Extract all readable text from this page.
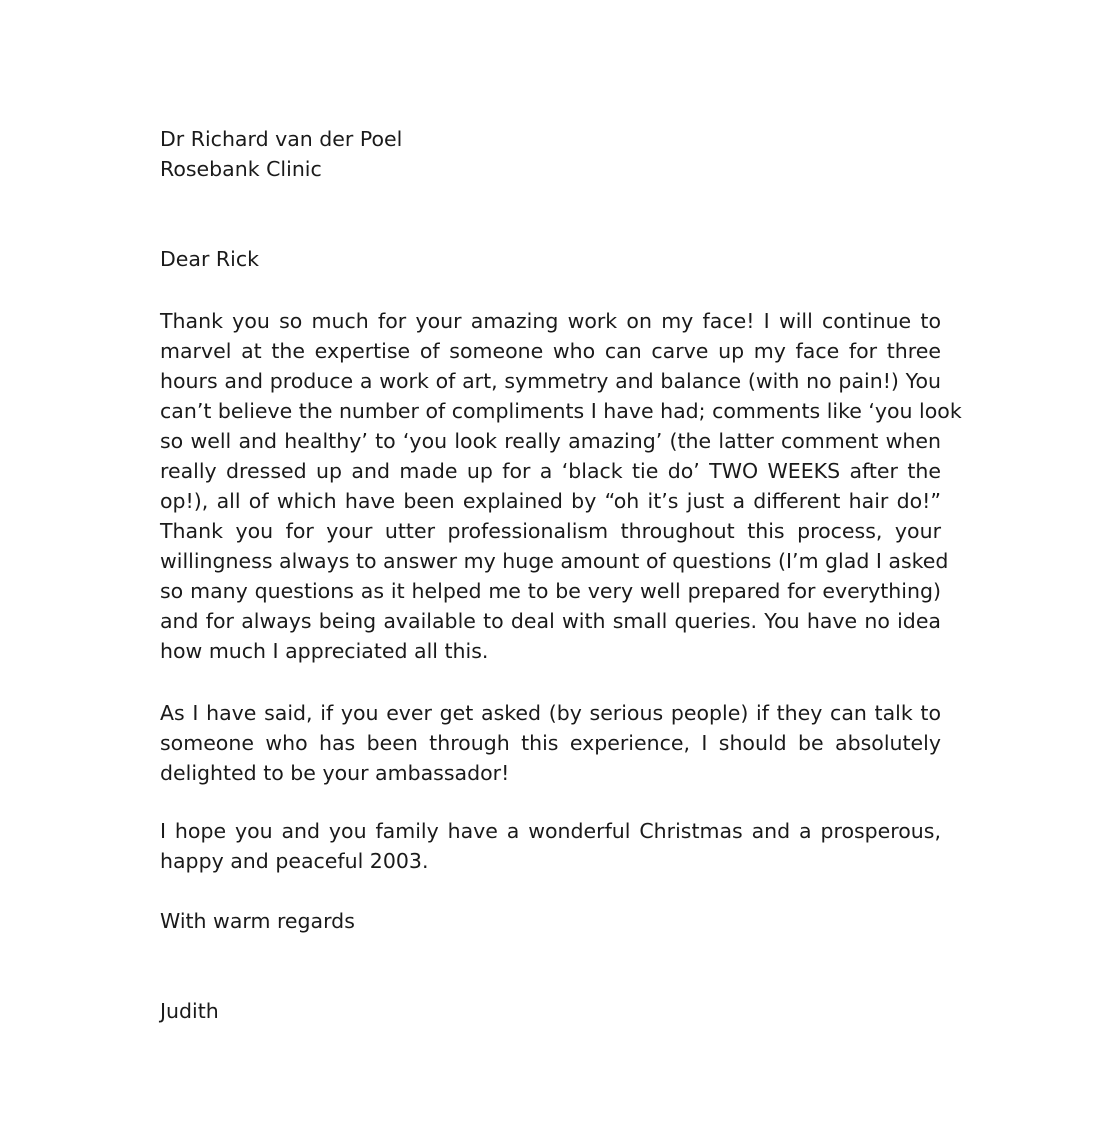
Dr Richard van der Poel
Rosebank Clinic
Dear Rick
Thank you so much for your amazing work on my face! I will continue to
marvel at the expertise of someone who can carve up my face for three
hours and produce a work of art, symmetry and balance (with no pain!) You
can’t believe the number of compliments I have had; comments like ‘you look
so well and healthy’ to ‘you look really amazing’ (the latter comment when
really dressed up and made up for a ‘black tie do’ TWO WEEKS after the
op!), all of which have been explained by “oh it’s just a different hair do!”
Thank you for your utter professionalism throughout this process, your
willingness always to answer my huge amount of questions (I’m glad I asked
so many questions as it helped me to be very well prepared for everything)
and for always being available to deal with small queries. You have no idea
how much I appreciated all this.
As I have said, if you ever get asked (by serious people) if they can talk to
someone who has been through this experience, I should be absolutely
delighted to be your ambassador!
I hope you and you family have a wonderful Christmas and a prosperous,
happy and peaceful 2003.
With warm regards
Judith
